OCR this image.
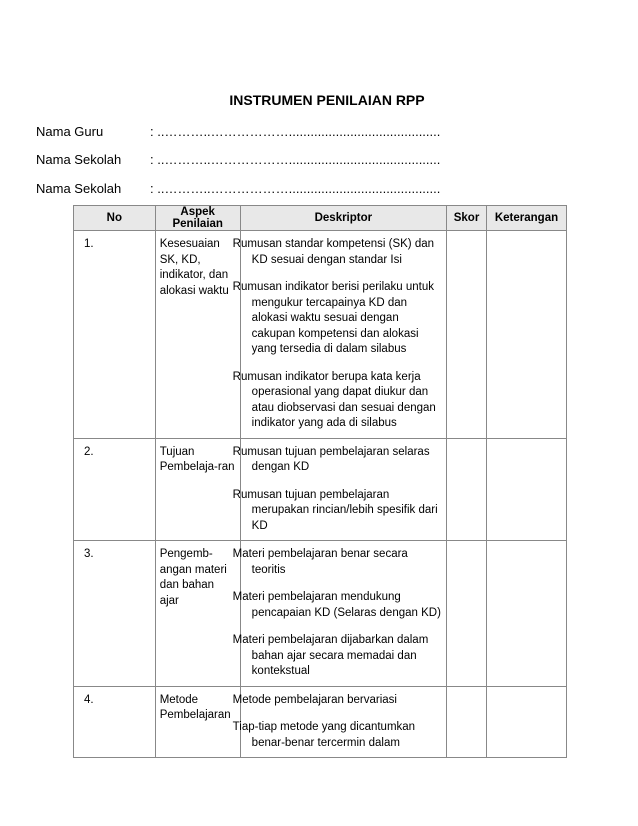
INSTRUMEN PENILAIAN RPP
Nama Guru	: ..………..………………..........................................
Nama Sekolah : ..………..………………..........................................
Nama Sekolah : ..………..………………..........................................
No	Aspek Penilaian	Deskriptor	Skor	Keterangan
1.	Kesesuaian SK, KD, indikator, dan alokasi waktu	Rumusan standar kompetensi (SK) dan KD sesuai dengan standar Isi
Rumusan indikator berisi perilaku untuk mengukur tercapainya KD dan alokasi waktu sesuai dengan cakupan kompetensi dan alokasi yang tersedia di dalam silabus
Rumusan indikator berupa kata kerja operasional yang dapat diukur dan atau diobservasi dan sesuai dengan indikator yang ada di silabus		

2.	Tujuan Pembelaja-ran	Rumusan tujuan pembelajaran selaras dengan KD
Rumusan tujuan pembelajaran merupakan rincian/lebih spesifik dari KD		

3.	Pengemb-angan materi dan bahan ajar	Materi pembelajaran benar secara teoritis
Materi pembelajaran mendukung pencapaian KD (Selaras dengan KD)
Materi pembelajaran dijabarkan dalam bahan ajar secara memadai dan kontekstual		

4.	Metode Pembelajaran	Metode pembelajaran bervariasi
Tiap-tiap metode yang dicantumkan benar-benar tercermin dalam		
